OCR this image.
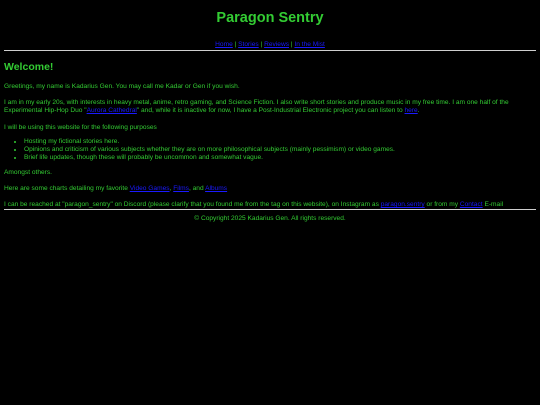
Paragon Sentry
Home | Stories | Reviews | In the Mist
Welcome!

Greetings, my name is Kadarius Gen. You may call me Kadar or Gen if you wish.

I am in my early 20s, with interests in heavy metal, anime, retro gaming, and Science Fiction. I also write short stories and produce music in my free time. I am one half of the Experimental Hip-Hop Duo "Aurora Cathedral" and, while it is inactive for now, I have a Post-Industrial Electronic project you can listen to here.

I will be using this website for the following purposes

• Hosting my fictional stories here.
• Opinions and criticism of various subjects whether they are on more philosophical subjects (mainly pessimism) or video games.
• Brief life updates, though these will probably be uncommon and somewhat vague.

Amongst others.

Here are some charts detailing my favorite Video Games, Films, and Albums

I can be reached at "paragon_sentry" on Discord (please clarify that you found me from the tag on this website), on Instagram as paragon.sentry or from my Contact E-mail

© Copyright 2025 Kadarius Gen. All rights reserved.
